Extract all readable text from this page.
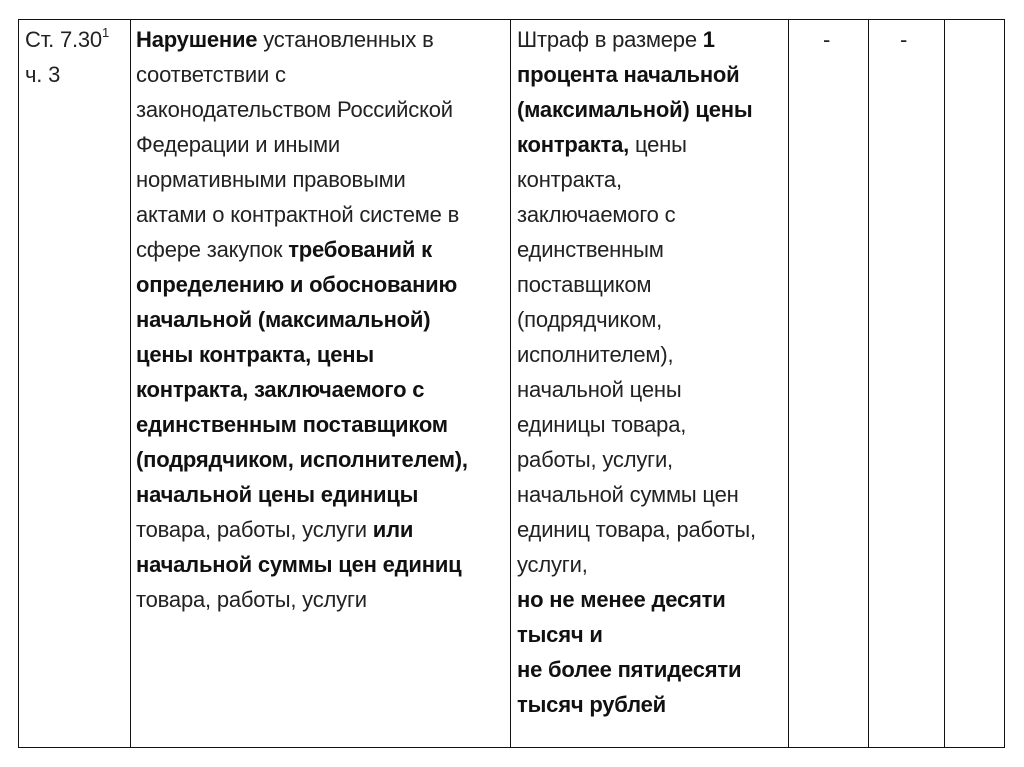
Ст. 7.30$^1$
ч. 3
Нарушение установленных в
соответствии с
законодательством Российской
Федерации и иными
нормативными правовыми
актами о контрактной системе в
сфере закупок требований к
определению и обоснованию
начальной (максимальной)
цены контракта, цены
контракта, заключаемого с
единственным поставщиком
(подрядчиком, исполнителем),
начальной цены единицы
товара, работы, услуги или
начальной суммы цен единиц
товара, работы, услуги
Штраф в размере 1
процента начальной
(максимальной) цены
контракта, цены
контракта,
заключаемого с
единственным
поставщиком
(подрядчиком,
исполнителем),
начальной цены
единицы товара,
работы, услуги,
начальной суммы цен
единиц товара, работы,
услуги,
но не менее десяти
тысяч и
не более пятидесяти
тысяч рублей
-	-
